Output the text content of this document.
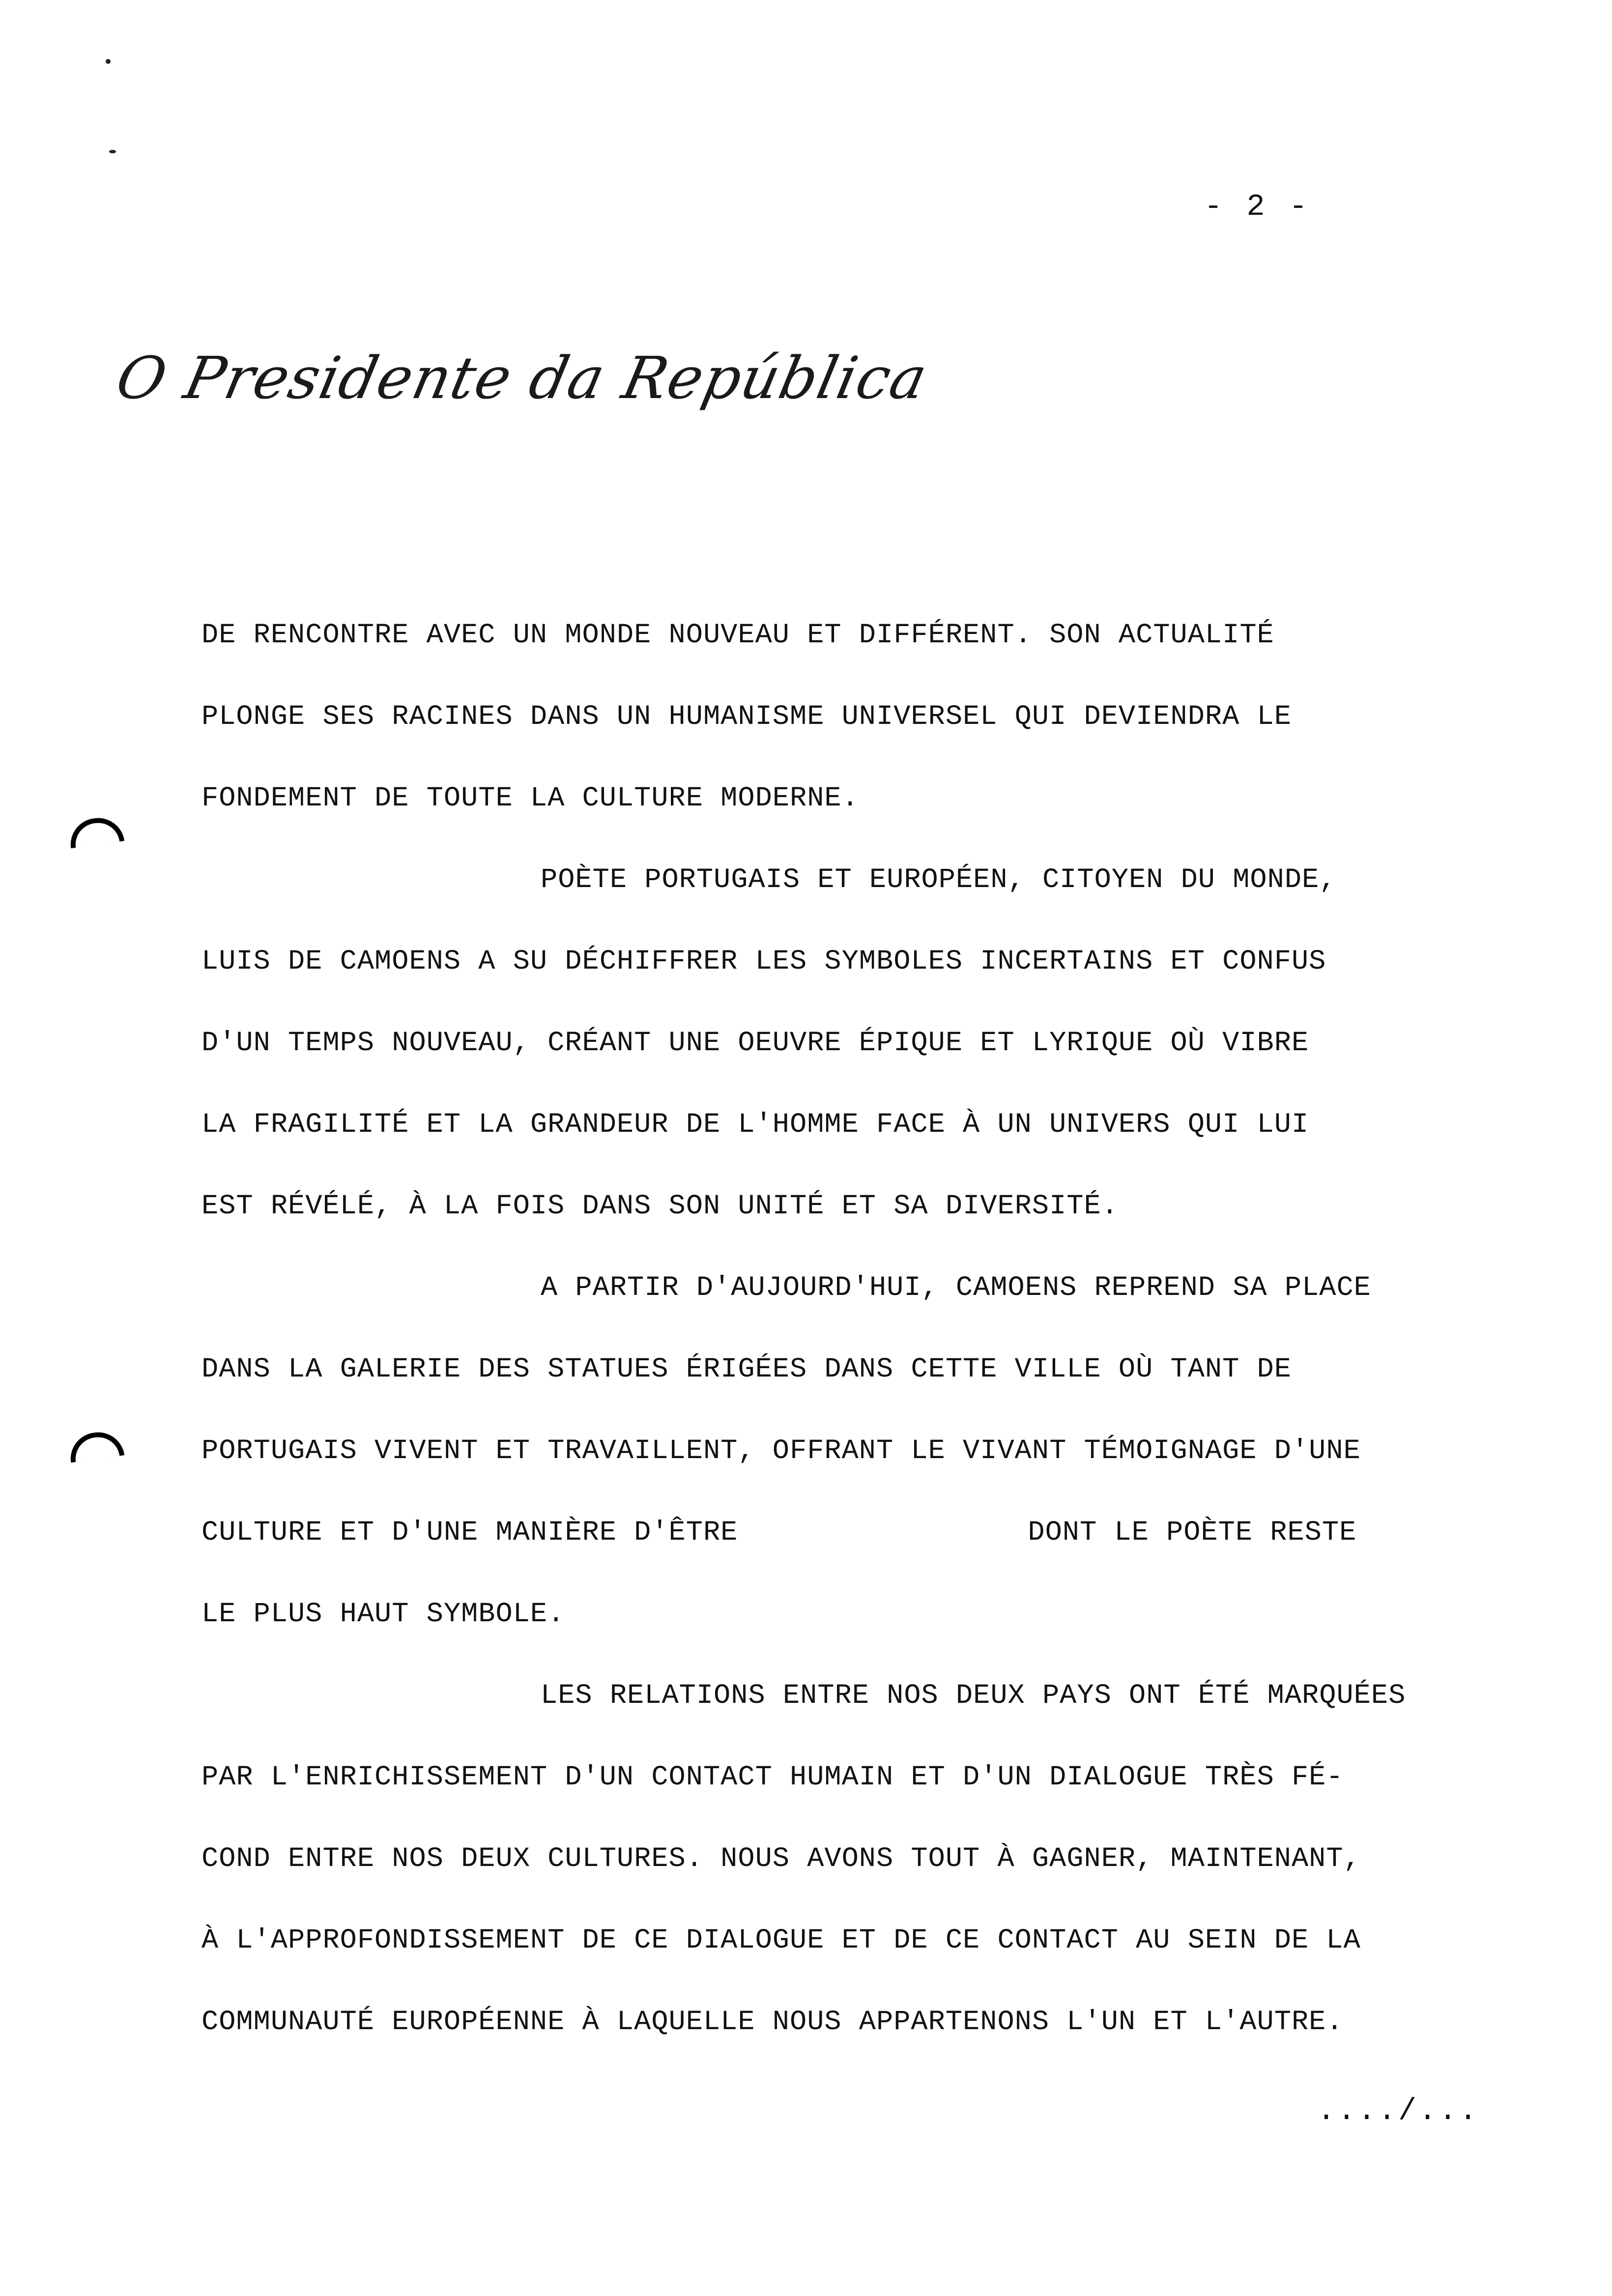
- 2 -
O Presidente da República
DE RENCONTRE AVEC UN MONDE NOUVEAU ET DIFFÉRENT. SON ACTUALITÉ
PLONGE SES RACINES DANS UN HUMANISME UNIVERSEL QUI DEVIENDRA LE
FONDEMENT DE TOUTE LA CULTURE MODERNE.
POÈTE PORTUGAIS ET EUROPÉEN, CITOYEN DU MONDE,
LUIS DE CAMOENS A SU DÉCHIFFRER LES SYMBOLES INCERTAINS ET CONFUS
D'UN TEMPS NOUVEAU, CRÉANT UNE OEUVRE ÉPIQUE ET LYRIQUE OÙ VIBRE
LA FRAGILITÉ ET LA GRANDEUR DE L'HOMME FACE À UN UNIVERS QUI LUI
EST RÉVÉLÉ, À LA FOIS DANS SON UNITÉ ET SA DIVERSITÉ.
A PARTIR D'AUJOURD'HUI, CAMOENS REPREND SA PLACE
DANS LA GALERIE DES STATUES ÉRIGÉES DANS CETTE VILLE OÙ TANT DE
PORTUGAIS VIVENT ET TRAVAILLENT, OFFRANT LE VIVANT TÉMOIGNAGE D'UNE
CULTURE ET D'UNE MANIÈRE D'ÊTRE	DONT LE POÈTE RESTE
LE PLUS HAUT SYMBOLE.
LES RELATIONS ENTRE NOS DEUX PAYS ONT ÉTÉ MARQUÉES
PAR L'ENRICHISSEMENT D'UN CONTACT HUMAIN ET D'UN DIALOGUE TRÈS FÉ-
COND ENTRE NOS DEUX CULTURES. NOUS AVONS TOUT À GAGNER, MAINTENANT,
À L'APPROFONDISSEMENT DE CE DIALOGUE ET DE CE CONTACT AU SEIN DE LA
COMMUNAUTÉ EUROPÉENNE À LAQUELLE NOUS APPARTENONS L'UN ET L'AUTRE.
..../...
